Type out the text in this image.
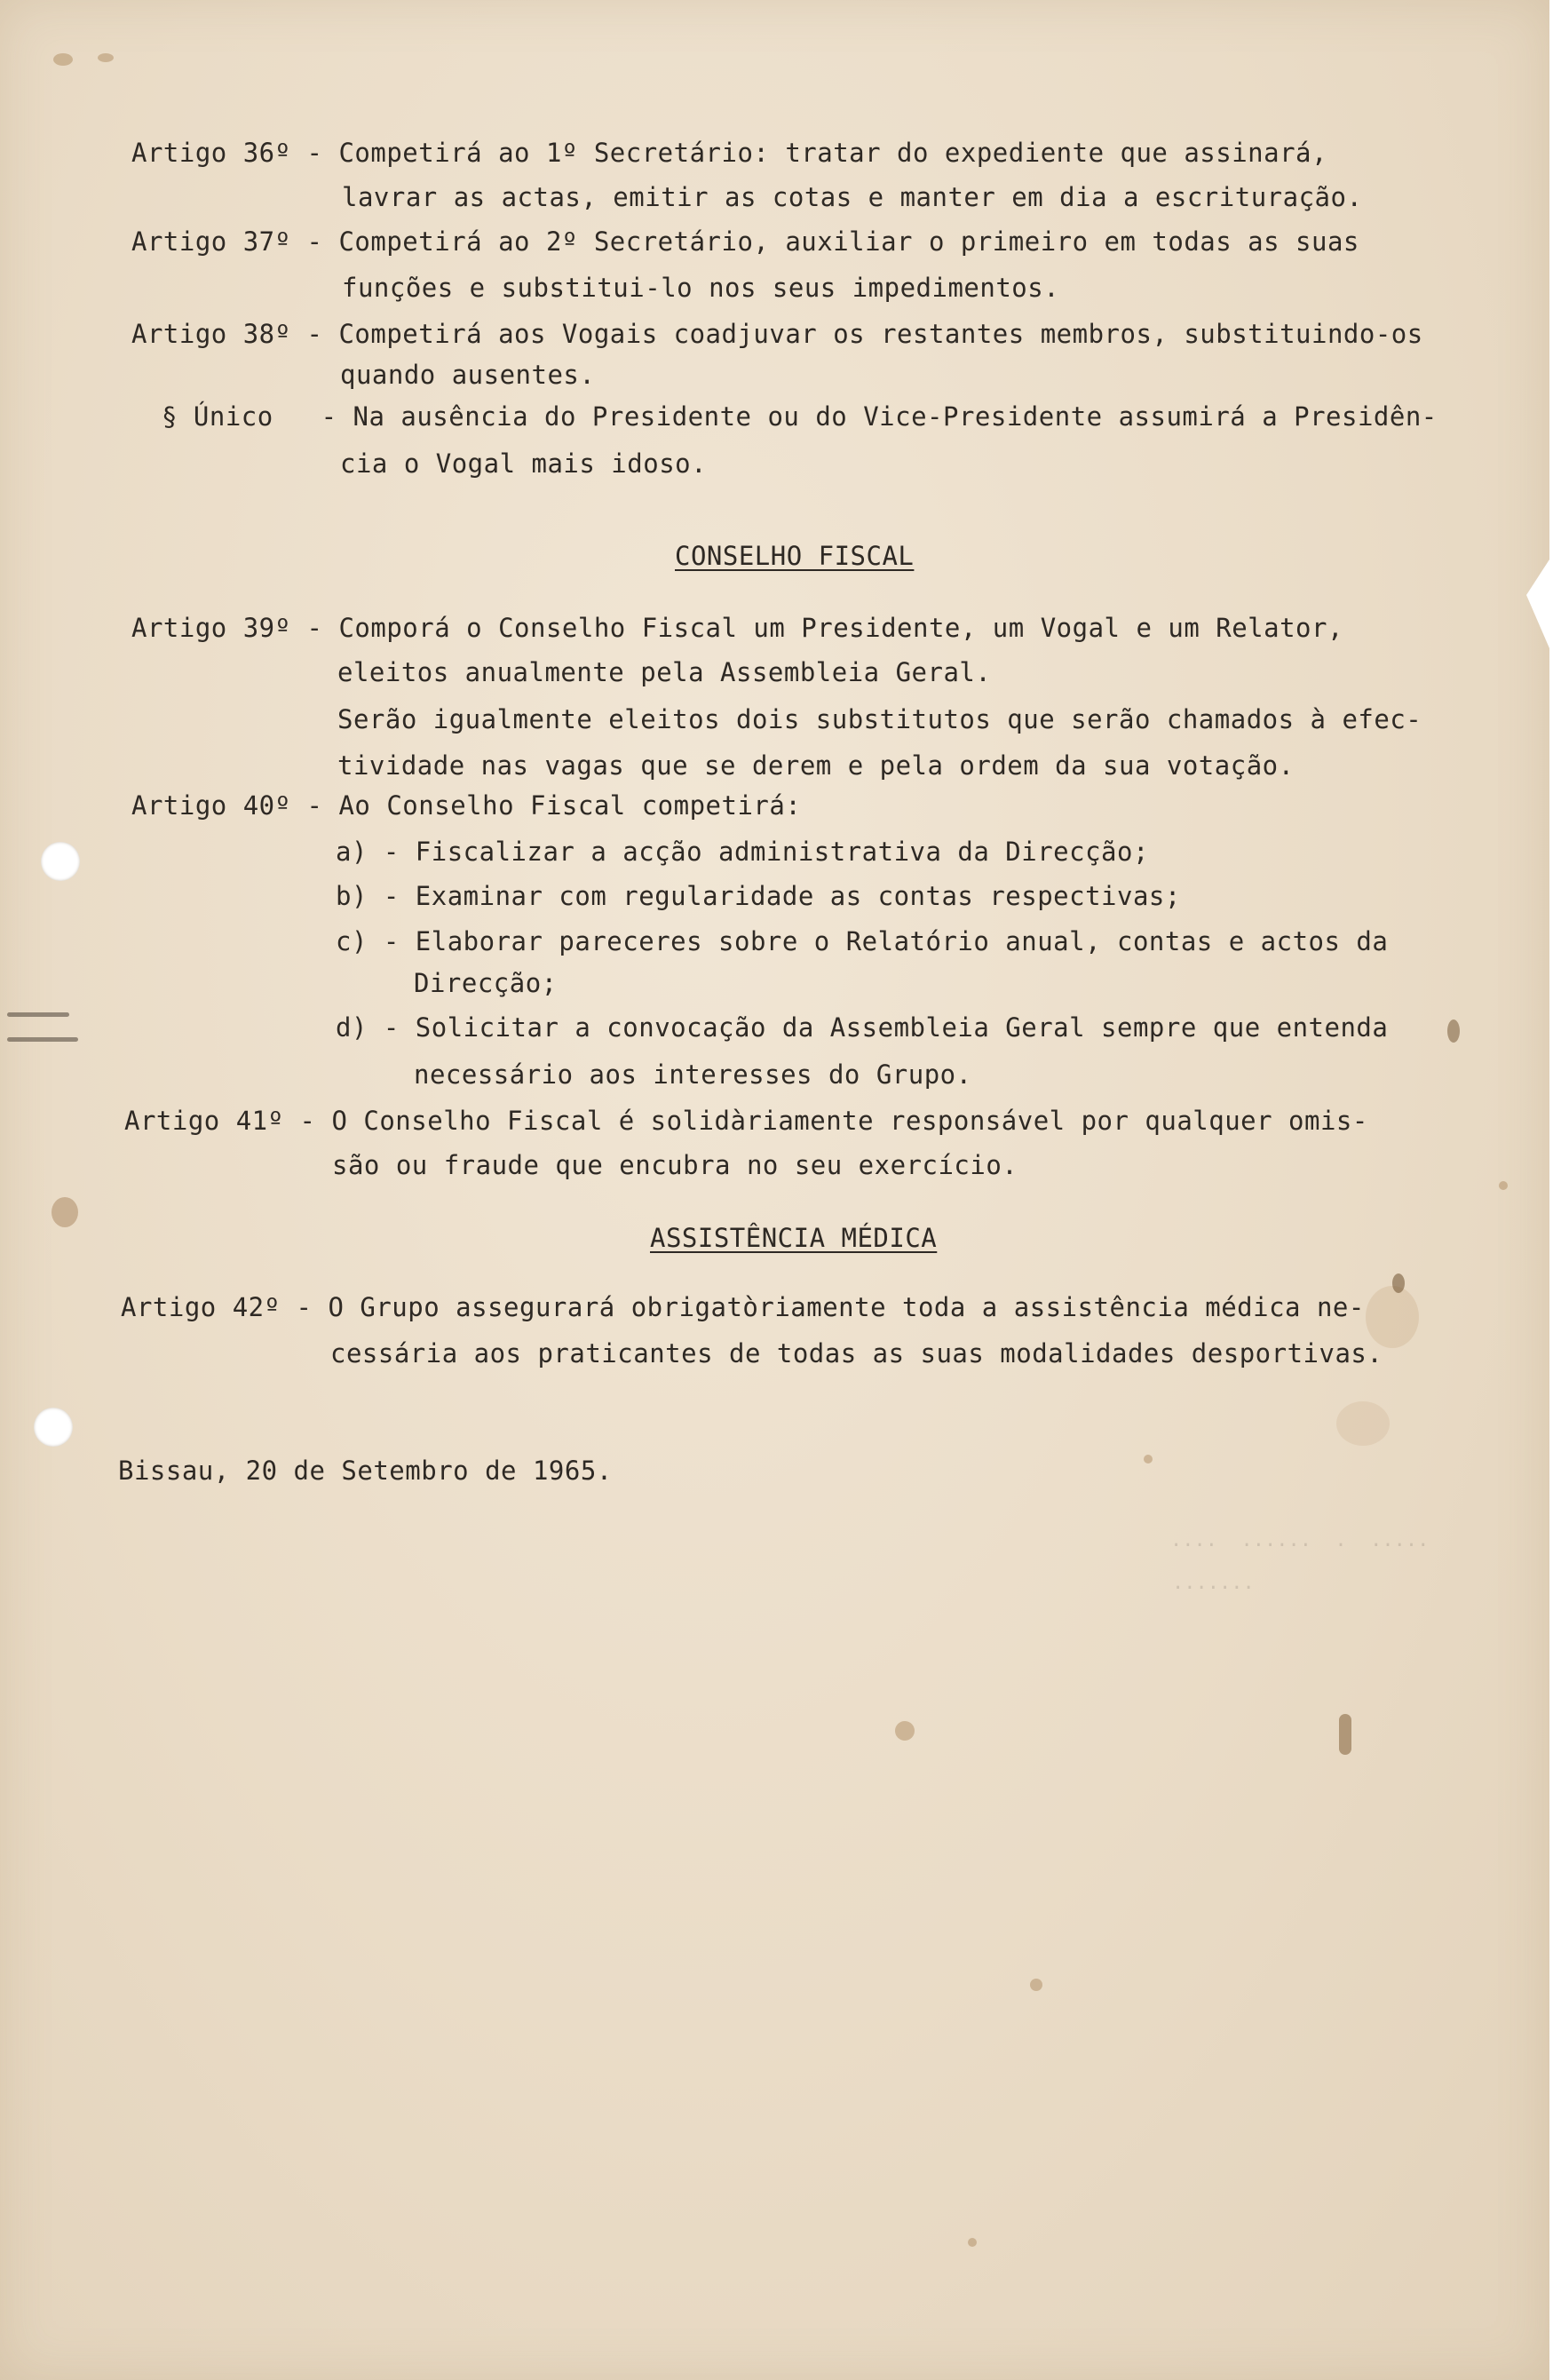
····  ······  ·  ·····
·······
Artigo 36º - Competirá ao 1º Secretário: tratar do expediente que assinará,
lavrar as actas, emitir as cotas e manter em dia a escrituração.
Artigo 37º - Competirá ao 2º Secretário, auxiliar o primeiro em todas as suas
funções e substitui-lo nos seus impedimentos.
Artigo 38º - Competirá aos Vogais coadjuvar os restantes membros, substituindo-os
quando ausentes.
§ Único   - Na ausência do Presidente ou do Vice-Presidente assumirá a Presidên-
cia o Vogal mais idoso.
CONSELHO FISCAL
Artigo 39º - Comporá o Conselho Fiscal um Presidente, um Vogal e um Relator,
eleitos anualmente pela Assembleia Geral.
Serão igualmente eleitos dois substitutos que serão chamados à efec-
tividade nas vagas que se derem e pela ordem da sua votação.
Artigo 40º - Ao Conselho Fiscal competirá:
a) - Fiscalizar a acção administrativa da Direcção;
b) - Examinar com regularidade as contas respectivas;
c) - Elaborar pareceres sobre o Relatório anual, contas e actos da
Direcção;
d) - Solicitar a convocação da Assembleia Geral sempre que entenda
necessário aos interesses do Grupo.
Artigo 41º - O Conselho Fiscal é solidàriamente responsável por qualquer omis-
são ou fraude que encubra no seu exercício.
ASSISTÊNCIA MÉDICA
Artigo 42º - O Grupo assegurará obrigatòriamente toda a assistência médica ne-
cessária aos praticantes de todas as suas modalidades desportivas.
Bissau, 20 de Setembro de 1965.
